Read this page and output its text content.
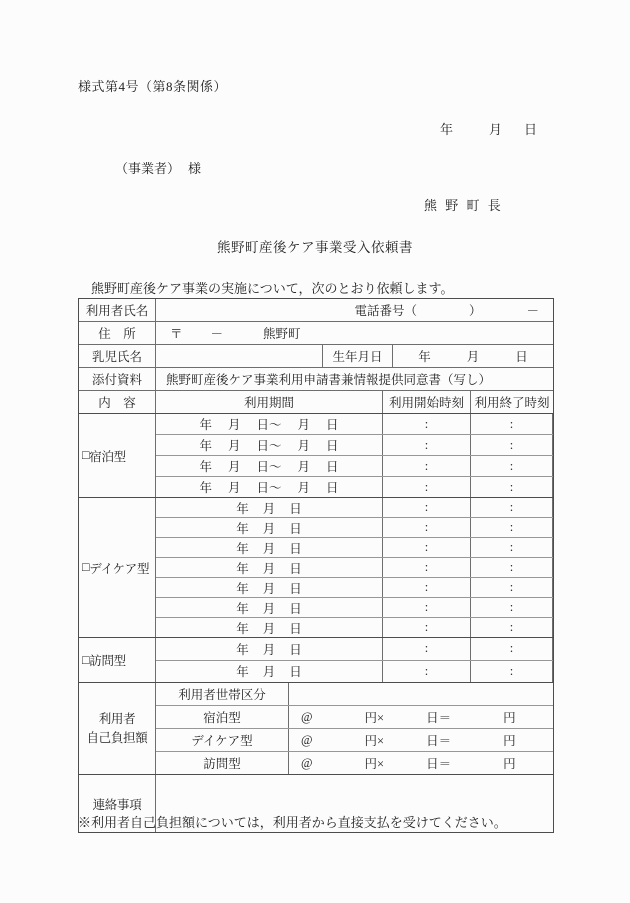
様式第4号（第8条関係）
年	月 日
（事業者） 様
熊 野 町 長
熊野町産後ケア事業受入依頼書
熊野町産後ケア事業の実施について，次のとおり依頼します。
利用者氏名	電話番号 （	）	－
住　所	〒 －	熊野町
乳児氏名	生年月日	年	月	日
添付資料 熊野町産後ケア事業利用申請書兼情報提供同意書（写し）
内　容	利用期間	利用開始時刻 利用終了時刻
□ 宿泊型
年 月 日～ 月 日	:	:
年 月 日～ 月 日	:	:
年 月 日～ 月 日	:	:
年 月 日～ 月 日	:	:
□ デイケア型
年 月 日	:	:
年 月 日	:	:
年 月 日	:	:
年 月 日	:	:
年 月 日	:	:
年 月 日	:	:
年 月 日	:	:
□ 訪問型
年 月 日	:	:
年 月 日	:	:
利用者
自己負担額
利用者世帯区分
宿泊型	@	円×	日＝	円
デイケア型	@	円×	日＝	円
訪問型	@	円×	日＝	円
連絡事項
※利用者自己負担額については，利用者から直接支払を受けてください。
